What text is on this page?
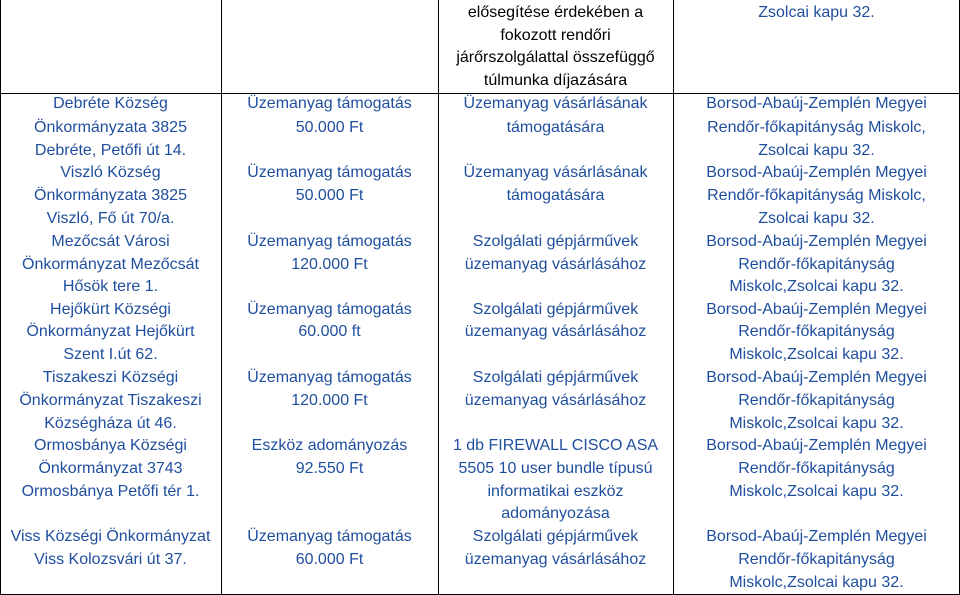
Debréte Község
Önkormányzata 3825
Debréte, Petőfi út 14.
Viszló Község
Önkormányzata 3825
Viszló, Fő út 70/a.
Mezőcsát Városi
Önkormányzat Mezőcsát
Hősök tere 1.
Hejőkürt Községi
Önkormányzat Hejőkürt
Szent I.út 62.
Tiszakeszi Községi
Önkormányzat Tiszakeszi
Községháza út 46.
Ormosbánya Községi
Önkormányzat 3743
Ormosbánya Petőfi tér 1.
Viss Községi Önkormányzat
Viss Kolozsvári út 37.
Üzemanyag támogatás
50.000 Ft
Üzemanyag támogatás
50.000 Ft
Üzemanyag támogatás
120.000 Ft
Üzemanyag támogatás
60.000 ft
Üzemanyag támogatás
120.000 Ft
Eszköz adományozás
92.550 Ft
Üzemanyag támogatás
60.000 Ft
elősegítése érdekében a
fokozott rendőri
járőrszolgálattal összefüggő
túlmunka díjazására
Üzemanyag vásárlásának
támogatására
Üzemanyag vásárlásának
támogatására
Szolgálati gépjárművek
üzemanyag vásárlásához
Szolgálati gépjárművek
üzemanyag vásárlásához
Szolgálati gépjárművek
üzemanyag vásárlásához
1 db FIREWALL CISCO ASA
5505 10 user bundle típusú
informatikai eszköz
adományozása
Szolgálati gépjárművek
üzemanyag vásárlásához
Zsolcai kapu 32.
Borsod-Abaúj-Zemplén Megyei
Rendőr-főkapitányság Miskolc,
Zsolcai kapu 32.
Borsod-Abaúj-Zemplén Megyei
Rendőr-főkapitányság Miskolc,
Zsolcai kapu 32.
Borsod-Abaúj-Zemplén Megyei
Rendőr-főkapitányság
Miskolc,Zsolcai kapu 32.
Borsod-Abaúj-Zemplén Megyei
Rendőr-főkapitányság
Miskolc,Zsolcai kapu 32.
Borsod-Abaúj-Zemplén Megyei
Rendőr-főkapitányság
Miskolc,Zsolcai kapu 32.
Borsod-Abaúj-Zemplén Megyei
Rendőr-főkapitányság
Miskolc,Zsolcai kapu 32.
Borsod-Abaúj-Zemplén Megyei
Rendőr-főkapitányság
Miskolc,Zsolcai kapu 32.
